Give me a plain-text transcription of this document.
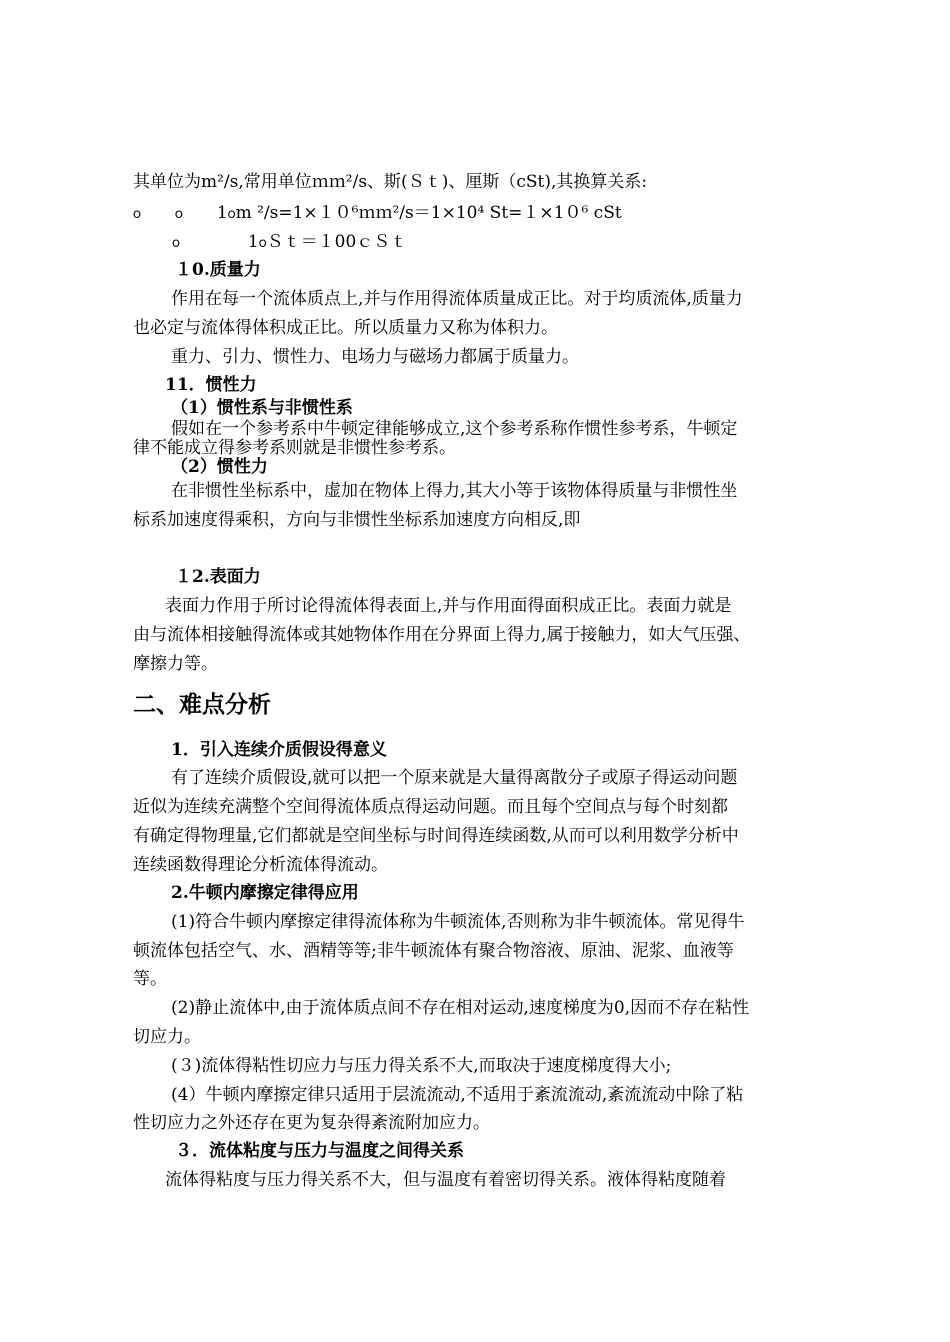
其单位为m²/s,常用单位ｍｍ²/s、斯(Ｓｔ)、厘斯（cSt),其换算关系:
ჿ　　ჿ　　1ჿm ²/s=1×１０⁶ｍｍ²/s＝1×10⁴ St=１×1０⁶ cSt
ჿ　　　　1ჿＳｔ＝１00ｃＳｔ
１0.质量力
作用在每一个流体质点上,并与作用得流体质量成正比。对于均质流体,质量力
也必定与流体得体积成正比。所以质量力又称为体积力。
重力、引力、惯性力、电场力与磁场力都属于质量力。
11．惯性力
（1）惯性系与非惯性系
假如在一个参考系中牛顿定律能够成立,这个参考系称作惯性参考系，牛顿定
律不能成立得参考系则就是非惯性参考系。
（2）惯性力
在非惯性坐标系中，虚加在物体上得力,其大小等于该物体得质量与非惯性坐
标系加速度得乘积，方向与非惯性坐标系加速度方向相反,即
１2.表面力
表面力作用于所讨论得流体得表面上,并与作用面得面积成正比。表面力就是
由与流体相接触得流体或其她物体作用在分界面上得力,属于接触力，如大气压强、
摩擦力等。
二、难点分析
1．引入连续介质假设得意义
有了连续介质假设,就可以把一个原来就是大量得离散分子或原子得运动问题
近似为连续充满整个空间得流体质点得运动问题。而且每个空间点与每个时刻都
有确定得物理量,它们都就是空间坐标与时间得连续函数,从而可以利用数学分析中
连续函数得理论分析流体得流动。
2.牛顿内摩擦定律得应用
(1)符合牛顿内摩擦定律得流体称为牛顿流体,否则称为非牛顿流体。常见得牛
顿流体包括空气、水、酒精等等;非牛顿流体有聚合物溶液、原油、泥浆、血液等
等。
(2)静止流体中,由于流体质点间不存在相对运动,速度梯度为0,因而不存在粘性
切应力。
(３)流体得粘性切应力与压力得关系不大,而取决于速度梯度得大小;
(4）牛顿内摩擦定律只适用于层流流动,不适用于紊流流动,紊流流动中除了粘
性切应力之外还存在更为复杂得紊流附加应力。
３．流体粘度与压力与温度之间得关系
流体得粘度与压力得关系不大，但与温度有着密切得关系。液体得粘度随着
